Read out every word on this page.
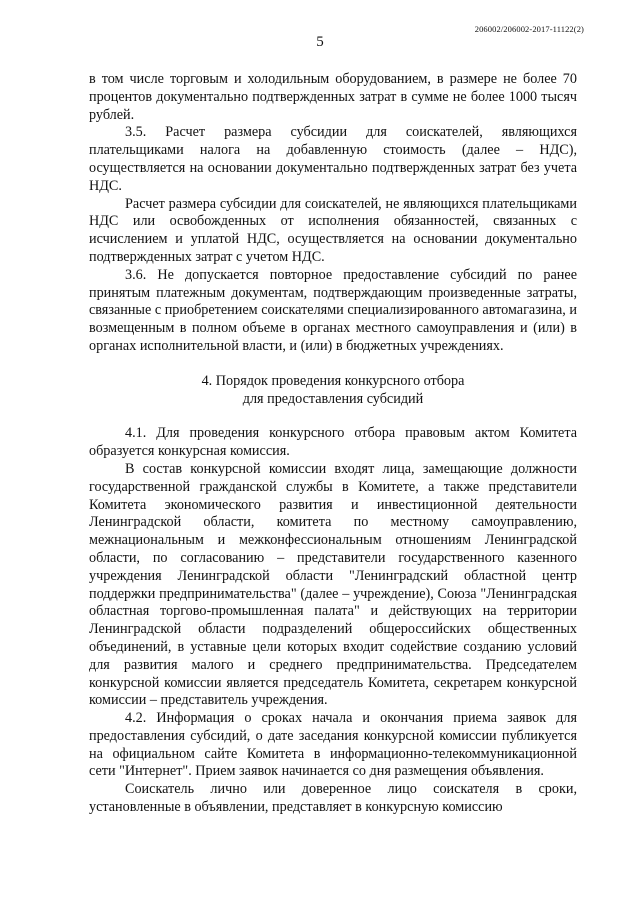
206002/206002-2017-11122(2)
5

в том числе торговым и холодильным оборудованием, в размере не более 70 процентов документально подтвержденных затрат в сумме не более 1000 тысяч рублей.

3.5. Расчет размера субсидии для соискателей, являющихся плательщиками налога на добавленную стоимость (далее – НДС), осуществляется на основании документально подтвержденных затрат без учета НДС.

Расчет размера субсидии для соискателей, не являющихся плательщиками НДС или освобожденных от исполнения обязанностей, связанных с исчислением и уплатой НДС, осуществляется на основании документально подтвержденных затрат с учетом НДС.

3.6. Не допускается повторное предоставление субсидий по ранее принятым платежным документам, подтверждающим произведенные затраты, связанные с приобретением соискателями специализированного автомагазина, и возмещенным в полном объеме в органах местного самоуправления и (или) в органах исполнительной власти, и (или) в бюджетных учреждениях.

4. Порядок проведения конкурсного отбора
для предоставления субсидий

4.1. Для проведения конкурсного отбора правовым актом Комитета образуется конкурсная комиссия.

В состав конкурсной комиссии входят лица, замещающие должности государственной гражданской службы в Комитете, а также представители Комитета экономического развития и инвестиционной деятельности Ленинградской области, комитета по местному самоуправлению, межнациональным и межконфессиональным отношениям Ленинградской области, по согласованию – представители государственного казенного учреждения Ленинградской области "Ленинградский областной центр поддержки предпринимательства" (далее – учреждение), Союза "Ленинградская областная торгово-промышленная палата" и действующих на территории Ленинградской области подразделений общероссийских общественных объединений, в уставные цели которых входит содействие созданию условий для развития малого и среднего предпринимательства. Председателем конкурсной комиссии является председатель Комитета, секретарем конкурсной комиссии – представитель учреждения.

4.2. Информация о сроках начала и окончания приема заявок для предоставления субсидий, о дате заседания конкурсной комиссии публикуется на официальном сайте Комитета в информационно-телекоммуникационной сети "Интернет". Прием заявок начинается со дня размещения объявления.

Соискатель лично или доверенное лицо соискателя в сроки, установленные в объявлении, представляет в конкурсную комиссию
